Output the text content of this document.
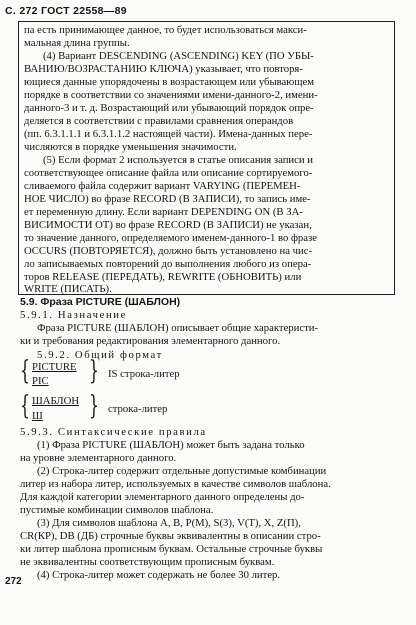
С. 272 ГОСТ 22558—89
па есть принимающее данное, то будет использоваться макси-
мальная длина группы.
(4) Вариант DESCENDING (ASCENDING) KEY (ПО УБЫ-
ВАНИЮ/ВОЗРАСТАНИЮ КЛЮЧА) указывает, что повторя-
ющиеся данные упорядочены в возрастающем или убывающем
порядке в соответствии со значениями имени-данного-2, имени-
данного-3 и т. д. Возрастающий или убывающий порядок опре-
деляется в соответствии с правилами сравнения операндов
(пп. 6.3.1.1.1 и 6.3.1.1.2 настоящей части). Имена-данных пере-
числяются в порядке уменьшения значимости.
(5) Если формат 2 используется в статье описания записи и
соответствующее описание файла или описание сортируемого-
сливаемого файла содержит вариант VARYING (ПЕРЕМЕН-
НОЕ ЧИСЛО) во фразе RECORD (В ЗАПИСИ), то запись име-
ет переменную длину. Если вариант DEPENDING ON (В ЗА-
ВИСИМОСТИ ОТ) во фразе RECORD (В ЗАПИСИ) не указан,
то значение данного, определяемого именем-данного-1 во фразе
OCCURS (ПОВТОРЯЕТСЯ), должно быть установлено на чис-
ло записываемых повторений до выполнения любого из опера-
торов RELEASE (ПЕРЕДАТЬ), REWRITE (ОБНОВИТЬ) или
WRITE (ПИСАТЬ).
5.9. Фраза PICTURE (ШАБЛОН)
5.9.1. Назначение
Фраза PICTURE (ШАБЛОН) описывает общие характеристи-
ки и требования редактирования элементарного данного.
5.9.2. Общий формат
{ PICTURE
PIC } IS строка-литер
{ ШАБЛОН
Ш } строка-литер
5.9.3. Синтаксические правила
(1) Фраза PICTURE (ШАБЛОН) может быть задана только
на уровне элементарного данного.
(2) Строка-литер содержит отдельные допустимые комбинации
литер из набора литер, используемых в качестве символов шаблона.
Для каждой категории элементарного данного определены до-
пустимые комбинации символов шаблона.
(3) Для символов шаблона A, B, P(M), S(3), V(T), X, Z(П),
CR(КР), DB (ДБ) строчные буквы эквивалентны в описании стро-
ки литер шаблона прописным буквам. Остальные строчные буквы
не эквивалентны соответствующим прописным буквам.
(4) Строка-литер может содержать не более 30 литер.
272
